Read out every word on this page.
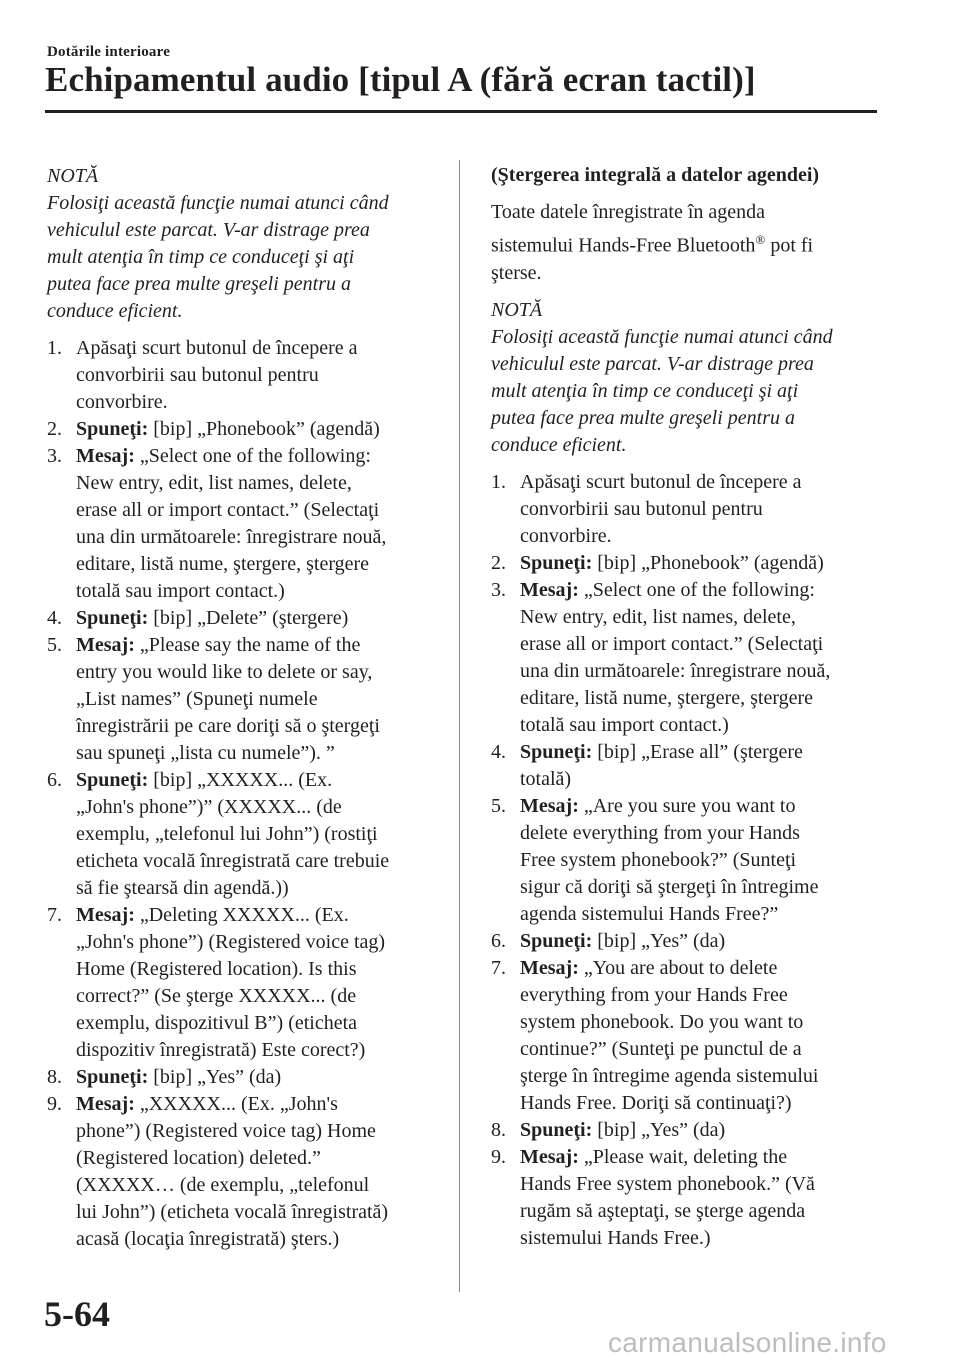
Dotările interioare
Echipamentul audio [tipul A (fără ecran tactil)]
NOTĂ
Folosiţi această funcţie numai atunci când
vehiculul este parcat. V-ar distrage prea
mult atenţia în timp ce conduceţi şi aţi
putea face prea multe greşeli pentru a
conduce eficient.
1. Apăsaţi scurt butonul de începere a
convorbirii sau butonul pentru
convorbire.
2. Spuneţi: [bip] „Phonebook” (agendă)
3. Mesaj: „Select one of the following:
New entry, edit, list names, delete,
erase all or import contact.” (Selectaţi
una din următoarele: înregistrare nouă,
editare, listă nume, ştergere, ştergere
totală sau import contact.)
4. Spuneţi: [bip] „Delete” (ştergere)
5. Mesaj: „Please say the name of the
entry you would like to delete or say,
„List names” (Spuneţi numele
înregistrării pe care doriţi să o ştergeţi
sau spuneţi „lista cu numele”). ”
6. Spuneţi: [bip] „XXXXX... (Ex.
„John's phone”)” (XXXXX... (de
exemplu, „telefonul lui John”) (rostiţi
eticheta vocală înregistrată care trebuie
să fie ştearsă din agendă.))
7. Mesaj: „Deleting XXXXX... (Ex.
„John's phone”) (Registered voice tag)
Home (Registered location). Is this
correct?” (Se şterge XXXXX... (de
exemplu, dispozitivul B”) (eticheta
dispozitiv înregistrată) Este corect?)
8. Spuneţi: [bip] „Yes” (da)
9. Mesaj: „XXXXX... (Ex. „John's
phone”) (Registered voice tag) Home
(Registered location) deleted.”
(XXXXX… (de exemplu, „telefonul
lui John”) (eticheta vocală înregistrată)
acasă (locaţia înregistrată) şters.)
(Ştergerea integrală a datelor agendei)
Toate datele înregistrate în agenda
sistemului Hands-Free Bluetooth® pot fi
şterse.
NOTĂ
Folosiţi această funcţie numai atunci când
vehiculul este parcat. V-ar distrage prea
mult atenţia în timp ce conduceţi şi aţi
putea face prea multe greşeli pentru a
conduce eficient.
1. Apăsaţi scurt butonul de începere a
convorbirii sau butonul pentru
convorbire.
2. Spuneţi: [bip] „Phonebook” (agendă)
3. Mesaj: „Select one of the following:
New entry, edit, list names, delete,
erase all or import contact.” (Selectaţi
una din următoarele: înregistrare nouă,
editare, listă nume, ştergere, ştergere
totală sau import contact.)
4. Spuneţi: [bip] „Erase all” (ştergere
totală)
5. Mesaj: „Are you sure you want to
delete everything from your Hands
Free system phonebook?” (Sunteţi
sigur că doriţi să ştergeţi în întregime
agenda sistemului Hands Free?”
6. Spuneţi: [bip] „Yes” (da)
7. Mesaj: „You are about to delete
everything from your Hands Free
system phonebook. Do you want to
continue?” (Sunteţi pe punctul de a
şterge în întregime agenda sistemului
Hands Free. Doriţi să continuaţi?)
8. Spuneţi: [bip] „Yes” (da)
9. Mesaj: „Please wait, deleting the
Hands Free system phonebook.” (Vă
rugăm să aşteptaţi, se şterge agenda
sistemului Hands Free.)
5-64
carmanualsonline.info
